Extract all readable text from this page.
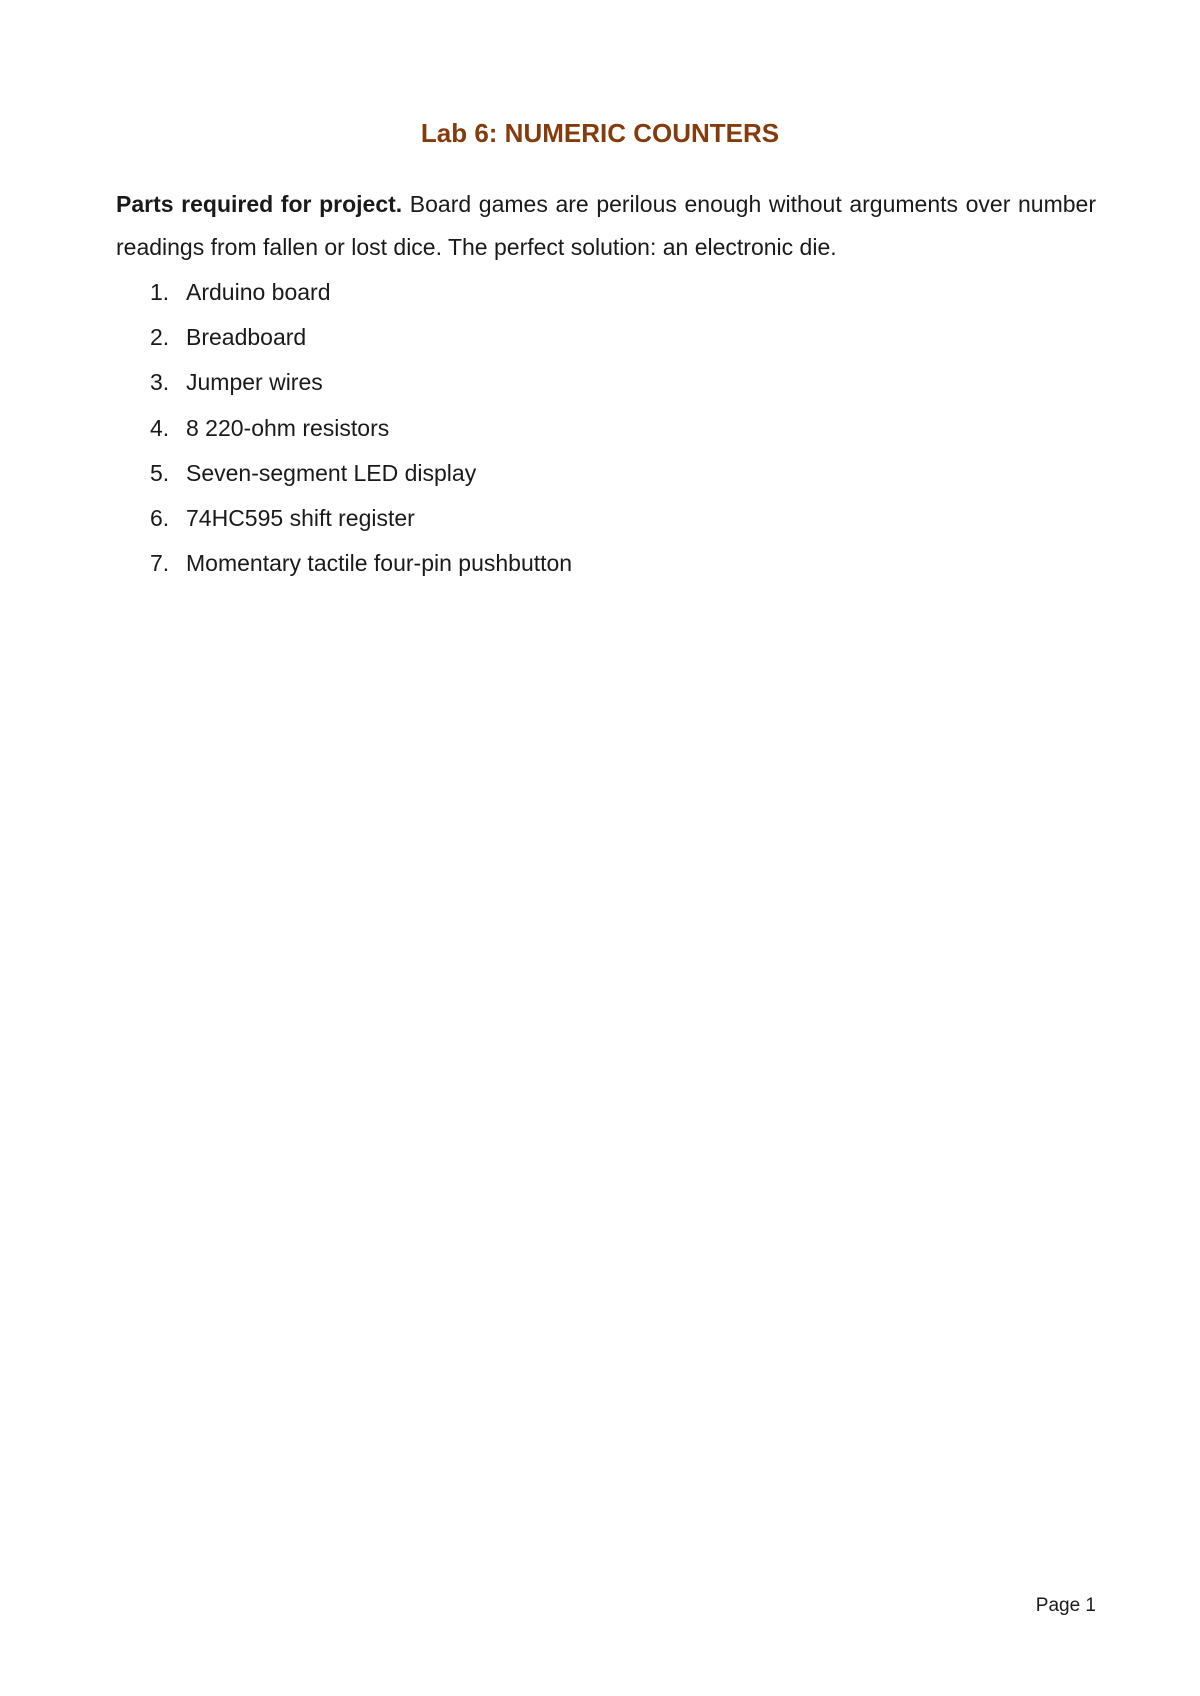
Lab 6: NUMERIC COUNTERS

Parts required for project. Board games are perilous enough without arguments over number readings from fallen or lost dice. The perfect solution: an electronic die.

1. Arduino board
2. Breadboard
3. Jumper wires
4. 8 220-ohm resistors
5. Seven-segment LED display
6. 74HC595 shift register
7. Momentary tactile four-pin pushbutton
Page 1
